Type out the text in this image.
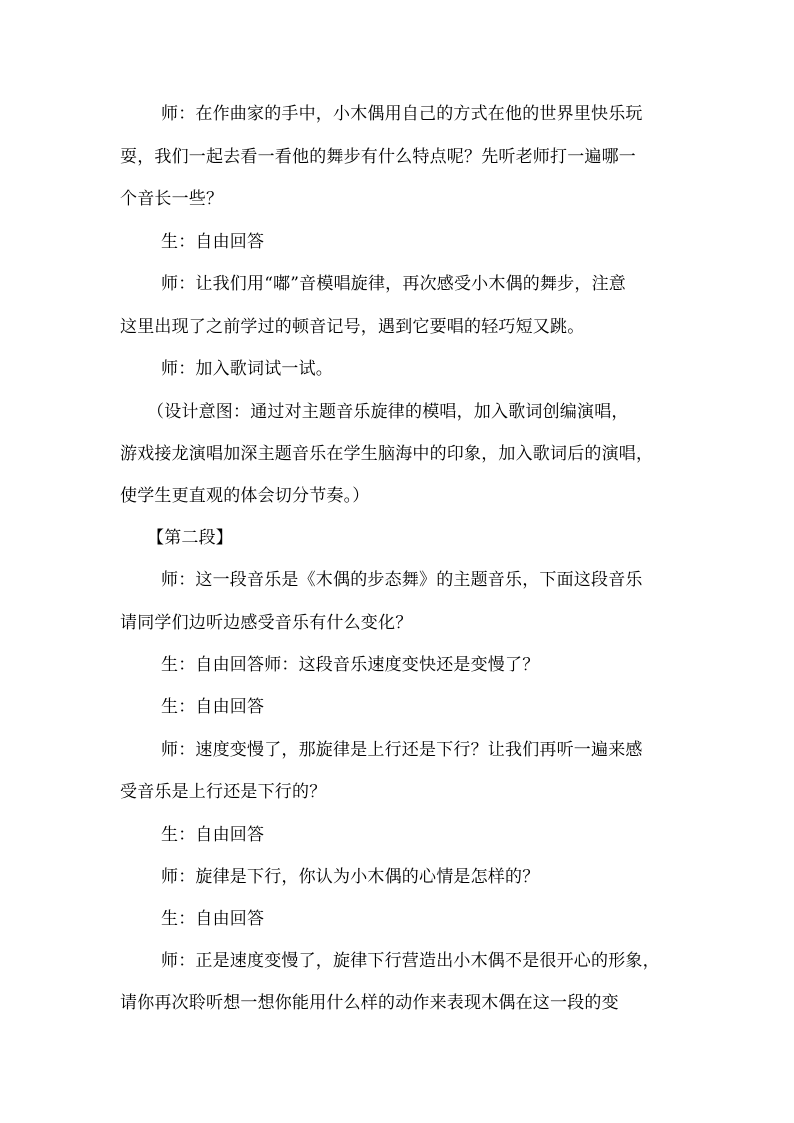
师：在作曲家的手中，小木偶用自己的方式在他的世界里快乐玩
耍，我们一起去看一看他的舞步有什么特点呢？先听老师打一遍哪一
个音长一些？
生：自由回答
师：让我们用“嘟”音模唱旋律，再次感受小木偶的舞步，注意
这里出现了之前学过的顿音记号，遇到它要唱的轻巧短又跳。
师：加入歌词试一试。
（设计意图：通过对主题音乐旋律的模唱，加入歌词创编演唱，
游戏接龙演唱加深主题音乐在学生脑海中的印象，加入歌词后的演唱，
使学生更直观的体会切分节奏。）
【第二段】
师：这一段音乐是《木偶的步态舞》的主题音乐，下面这段音乐
请同学们边听边感受音乐有什么变化？
生：自由回答师：这段音乐速度变快还是变慢了？
生：自由回答
师：速度变慢了，那旋律是上行还是下行？让我们再听一遍来感
受音乐是上行还是下行的？
生：自由回答
师：旋律是下行，你认为小木偶的心情是怎样的？
生：自由回答
师：正是速度变慢了，旋律下行营造出小木偶不是很开心的形象，
请你再次聆听想一想你能用什么样的动作来表现木偶在这一段的变
